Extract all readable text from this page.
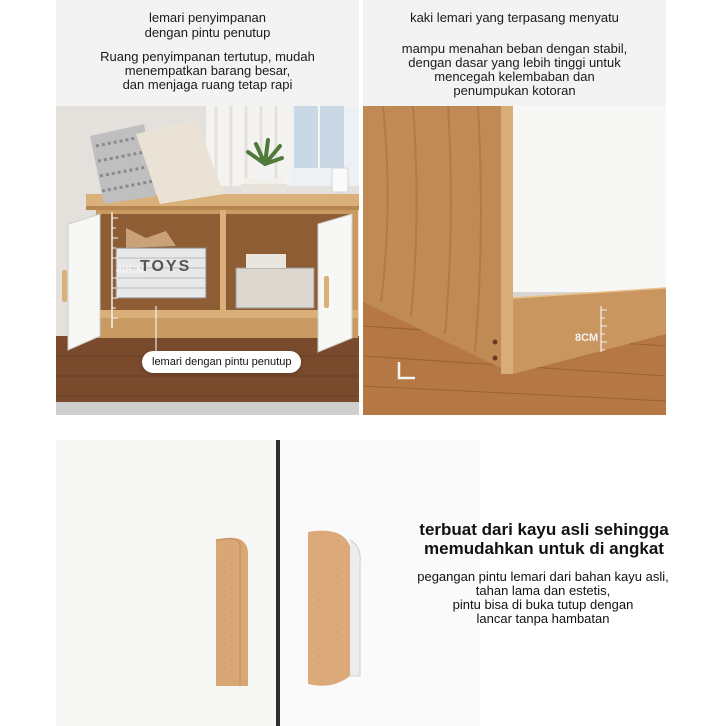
lemari penyimpanan
dengan pintu penutup
Ruang penyimpanan tertutup, mudah
menempatkan barang besar,
dan menjaga ruang tetap rapi
kaki lemari yang terpasang menyatu
mampu menahan beban dengan stabil,
dengan dasar yang lebih tinggi untuk
mencegah kelembaban dan
penumpukan kotoran
40CM
TOYS
lemari dengan pintu penutup
8CM
terbuat dari kayu asli sehingga
memudahkan untuk di angkat
pegangan pintu lemari dari bahan kayu asli,
tahan lama dan estetis,
pintu bisa di buka tutup dengan
lancar tanpa hambatan
